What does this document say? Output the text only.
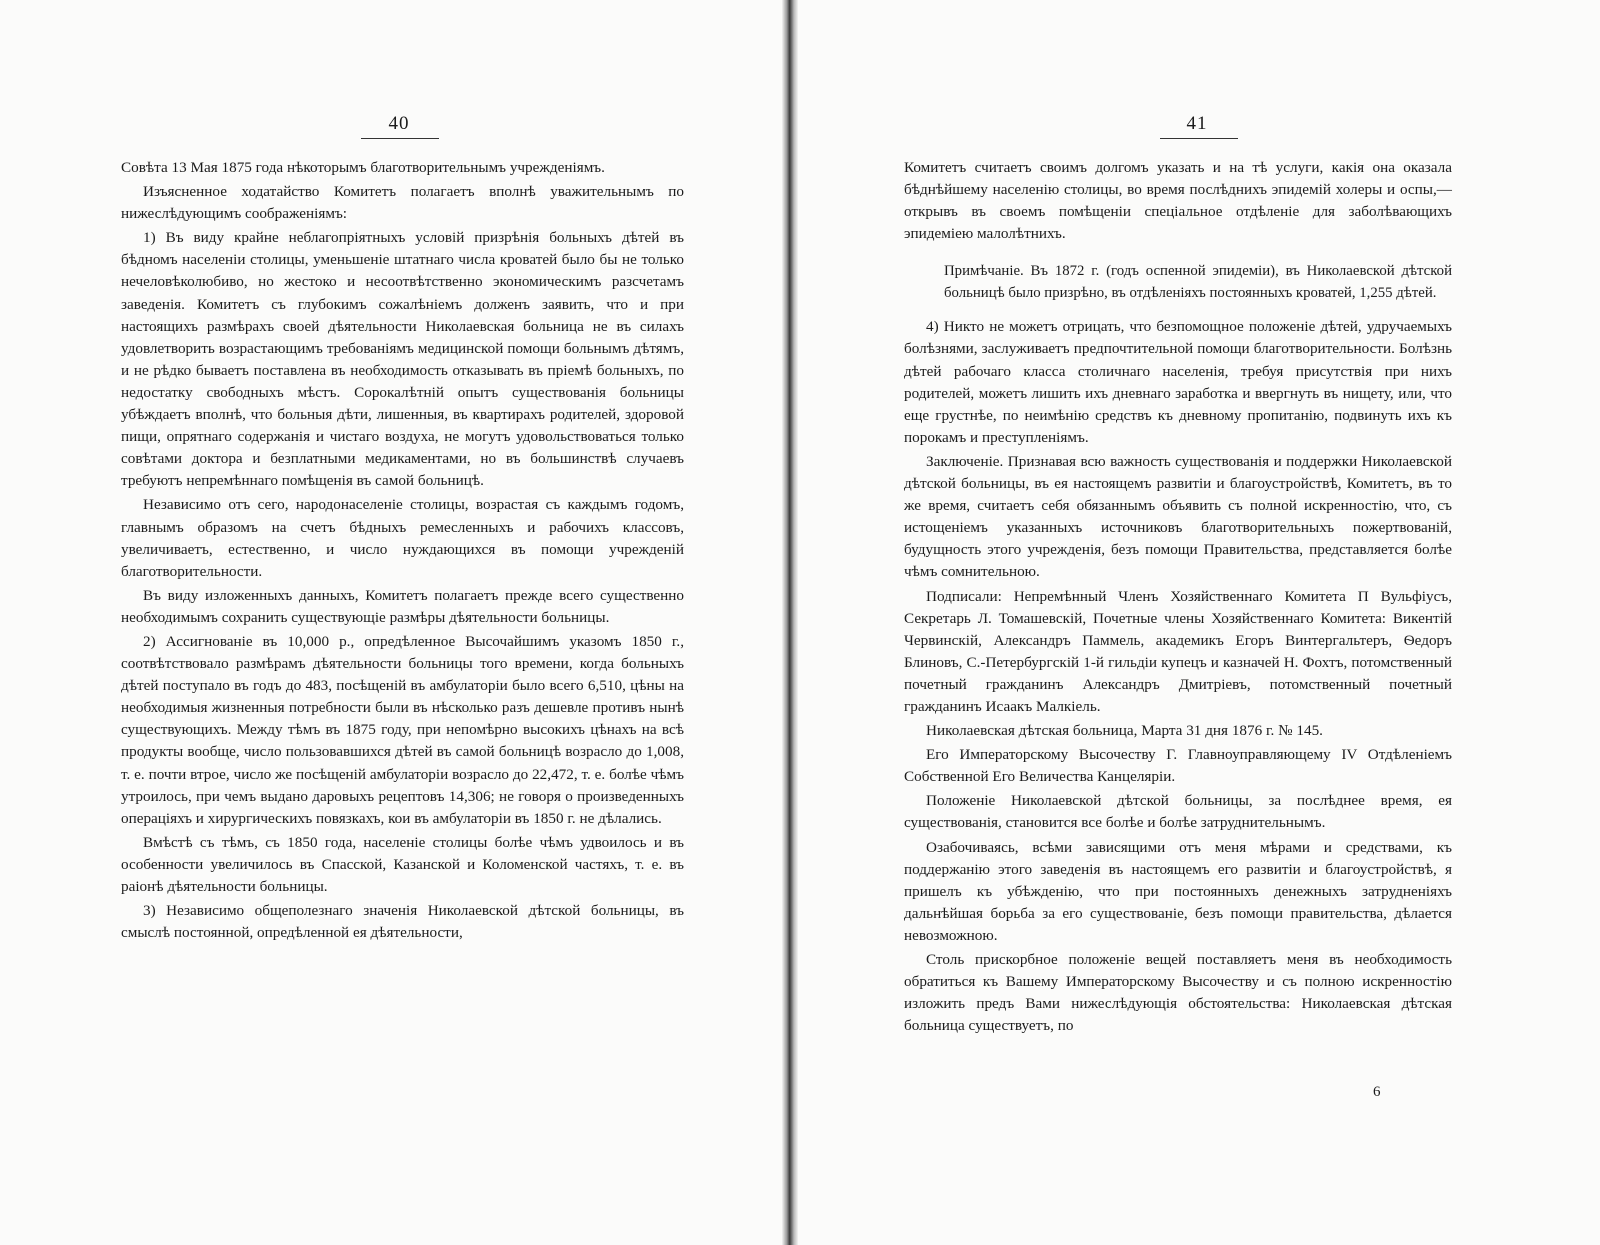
40

Совѣта 13 Мая 1875 года нѣкоторымъ благотворительнымъ учрежденіямъ.

Изъясненное ходатайство Комитетъ полагаетъ вполнѣ уважительнымъ по нижеслѣдующимъ соображеніямъ:

1) Въ виду крайне неблагопріятныхъ условій призрѣнія больныхъ дѣтей въ бѣдномъ населеніи столицы, уменьшеніе штатнаго числа кроватей было бы не только нечеловѣколюбиво, но жестоко и несоотвѣтственно экономическимъ разсчетамъ заведенія. Комитетъ съ глубокимъ сожалѣніемъ долженъ заявить, что и при настоящихъ размѣрахъ своей дѣятельности Николаевская больница не въ силахъ удовлетворить возрастающимъ требованіямъ медицинской помощи больнымъ дѣтямъ, и не рѣдко бываетъ поставлена въ необходимость отказывать въ пріемѣ больныхъ, по недостатку свободныхъ мѣстъ. Сорокалѣтній опытъ существованія больницы убѣждаетъ вполнѣ, что больныя дѣти, лишенныя, въ квартирахъ родителей, здоровой пищи, опрятнаго содержанія и чистаго воздуха, не могутъ удовольствоваться только совѣтами доктора и безплатными медикаментами, но въ большинствѣ случаевъ требуютъ непремѣннаго помѣщенія въ самой больницѣ.

Независимо отъ сего, народонаселеніе столицы, возрастая съ каждымъ годомъ, главнымъ образомъ на счетъ бѣдныхъ ремесленныхъ и рабочихъ классовъ, увеличиваетъ, естественно, и число нуждающихся въ помощи учрежденій благотворительности.

Въ виду изложенныхъ данныхъ, Комитетъ полагаетъ прежде всего существенно необходимымъ сохранить существующіе размѣры дѣятельности больницы.

2) Ассигнованіе въ 10,000 р., опредѣленное Высочайшимъ указомъ 1850 г., соотвѣтствовало размѣрамъ дѣятельности больницы того времени, когда больныхъ дѣтей поступало въ годъ до 483, посѣщеній въ амбулаторіи было всего 6,510, цѣны на необходимыя жизненныя потребности были въ нѣсколько разъ дешевле противъ нынѣ существующихъ. Между тѣмъ въ 1875 году, при непомѣрно высокихъ цѣнахъ на всѣ продукты вообще, число пользовавшихся дѣтей въ самой больницѣ возрасло до 1,008, т. е. почти втрое, число же посѣщеній амбулаторіи возрасло до 22,472, т. е. болѣе чѣмъ утроилось, при чемъ выдано даровыхъ рецептовъ 14,306; не говоря о произведенныхъ операціяхъ и хирургическихъ повязкахъ, кои въ амбулаторіи въ 1850 г. не дѣлались.

Вмѣстѣ съ тѣмъ, съ 1850 года, населеніе столицы болѣе чѣмъ удвоилось и въ особенности увеличилось въ Спасской, Казанской и Коломенской частяхъ, т. е. въ раіонѣ дѣятельности больницы.

3) Независимо общеполезнаго значенія Николаевской дѣтской больницы, въ смыслѣ постоянной, опредѣленной ея дѣятельности,

41

Комитетъ считаетъ своимъ долгомъ указать и на тѣ услуги, какія она оказала бѣднѣйшему населенію столицы, во время послѣднихъ эпидемій холеры и оспы,—открывъ въ своемъ помѣщеніи спеціальное отдѣленіе для заболѣвающихъ эпидеміею малолѣтнихъ.

Примѣчаніе. Въ 1872 г. (годъ оспенной эпидеміи), въ Николаевской дѣтской больницѣ было призрѣно, въ отдѣленіяхъ постоянныхъ кроватей, 1,255 дѣтей.

4) Никто не можетъ отрицать, что безпомощное положеніе дѣтей, удручаемыхъ болѣзнями, заслуживаетъ предпочтительной помощи благотворительности. Болѣзнь дѣтей рабочаго класса столичнаго населенія, требуя присутствія при нихъ родителей, можетъ лишить ихъ дневнаго заработка и ввергнуть въ нищету, или, что еще грустнѣе, по неимѣнію средствъ къ дневному пропитанію, подвинуть ихъ къ порокамъ и преступленіямъ.

Заключеніе. Признавая всю важность существованія и поддержки Николаевской дѣтской больницы, въ ея настоящемъ развитіи и благоустройствѣ, Комитетъ, въ то же время, считаетъ себя обязаннымъ объявить съ полной искренностію, что, съ истощеніемъ указанныхъ источниковъ благотворительныхъ пожертвованій, будущность этого учрежденія, безъ помощи Правительства, представляется болѣе чѣмъ сомнительною.

Подписали: Непремѣнный Членъ Хозяйственнаго Комитета П Вульфіусъ, Секретарь Л. Томашевскій, Почетные члены Хозяйственнаго Комитета: Викентій Червинскій, Александръ Паммель, академикъ Егоръ Винтергальтеръ, Ѳедоръ Блиновъ, С.-Петербургскій 1-й гильдіи купецъ и казначей Н. Фохтъ, потомственный почетный гражданинъ Александръ Дмитріевъ, потомственный почетный гражданинъ Исаакъ Малкіель.

Николаевская дѣтская больница, Марта 31 дня 1876 г. № 145.

Его Императорскому Высочеству Г. Главноуправляющему IV Отдѣленіемъ Собственной Его Величества Канцеляріи.

Положеніе Николаевской дѣтской больницы, за послѣднее время, ея существованія, становится все болѣе и болѣе затруднительнымъ.

Озабочиваясь, всѣми зависящими отъ меня мѣрами и средствами, къ поддержанію этого заведенія въ настоящемъ его развитіи и благоустройствѣ, я пришелъ къ убѣжденію, что при постоянныхъ денежныхъ затрудненіяхъ дальнѣйшая борьба за его существованіе, безъ помощи правительства, дѣлается невозможною.

Столь прискорбное положеніе вещей поставляетъ меня въ необходимость обратиться къ Вашему Императорскому Высочеству и съ полною искренностію изложить предъ Вами нижеслѣдующія обстоятельства: Николаевская дѣтская больница существуетъ, по

6
